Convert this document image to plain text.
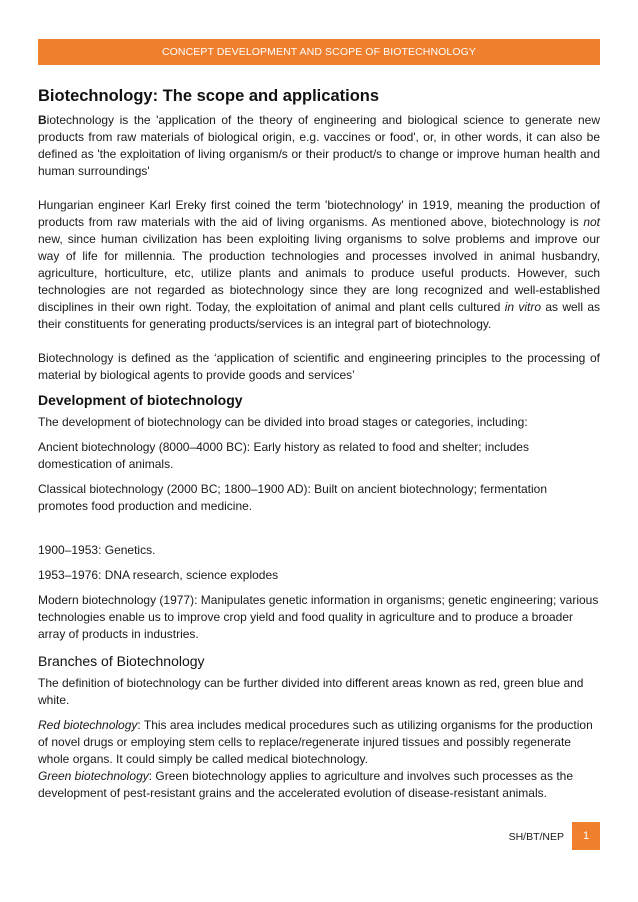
CONCEPT DEVELOPMENT AND SCOPE OF BIOTECHNOLOGY
Biotechnology: The scope and applications

Biotechnology is the 'application of the theory of engineering and biological science to generate new products from raw materials of biological origin, e.g. vaccines or food', or, in other words, it can also be defined as 'the exploitation of living organism/s or their product/s to change or improve human health and human surroundings'

Hungarian engineer Karl Ereky first coined the term 'biotechnology' in 1919, meaning the production of products from raw materials with the aid of living organisms. As mentioned above, biotechnology is not new, since human civilization has been exploiting living organisms to solve problems and improve our way of life for millennia. The production technologies and processes involved in animal husbandry, agriculture, horticulture, etc, utilize plants and animals to produce useful products. However, such technologies are not regarded as biotechnology since they are long recognized and well-established disciplines in their own right. Today, the exploitation of animal and plant cells cultured in vitro as well as their constituents for generating products/services is an integral part of biotechnology.

Biotechnology is defined as the ‘application of scientific and engineering principles to the processing of material by biological agents to provide goods and services’

Development of biotechnology

The development of biotechnology can be divided into broad stages or categories, including:

Ancient biotechnology (8000–4000 BC): Early history as related to food and shelter; includes domestication of animals.

Classical biotechnology (2000 BC; 1800–1900 AD): Built on ancient biotechnology; fermentation promotes food production and medicine.

1900–1953: Genetics.

1953–1976: DNA research, science explodes

Modern biotechnology (1977): Manipulates genetic information in organisms; genetic engineering; various technologies enable us to improve crop yield and food quality in agriculture and to produce a broader array of products in industries.

Branches of Biotechnology

The definition of biotechnology can be further divided into different areas known as red, green blue and white.

Red biotechnology: This area includes medical procedures such as utilizing organisms for the production of novel drugs or employing stem cells to replace/regenerate injured tissues and possibly regenerate whole organs. It could simply be called medical biotechnology.

Green biotechnology: Green biotechnology applies to agriculture and involves such processes as the development of pest-resistant grains and the accelerated evolution of disease-resistant animals.

SH/BT/NEP 1
